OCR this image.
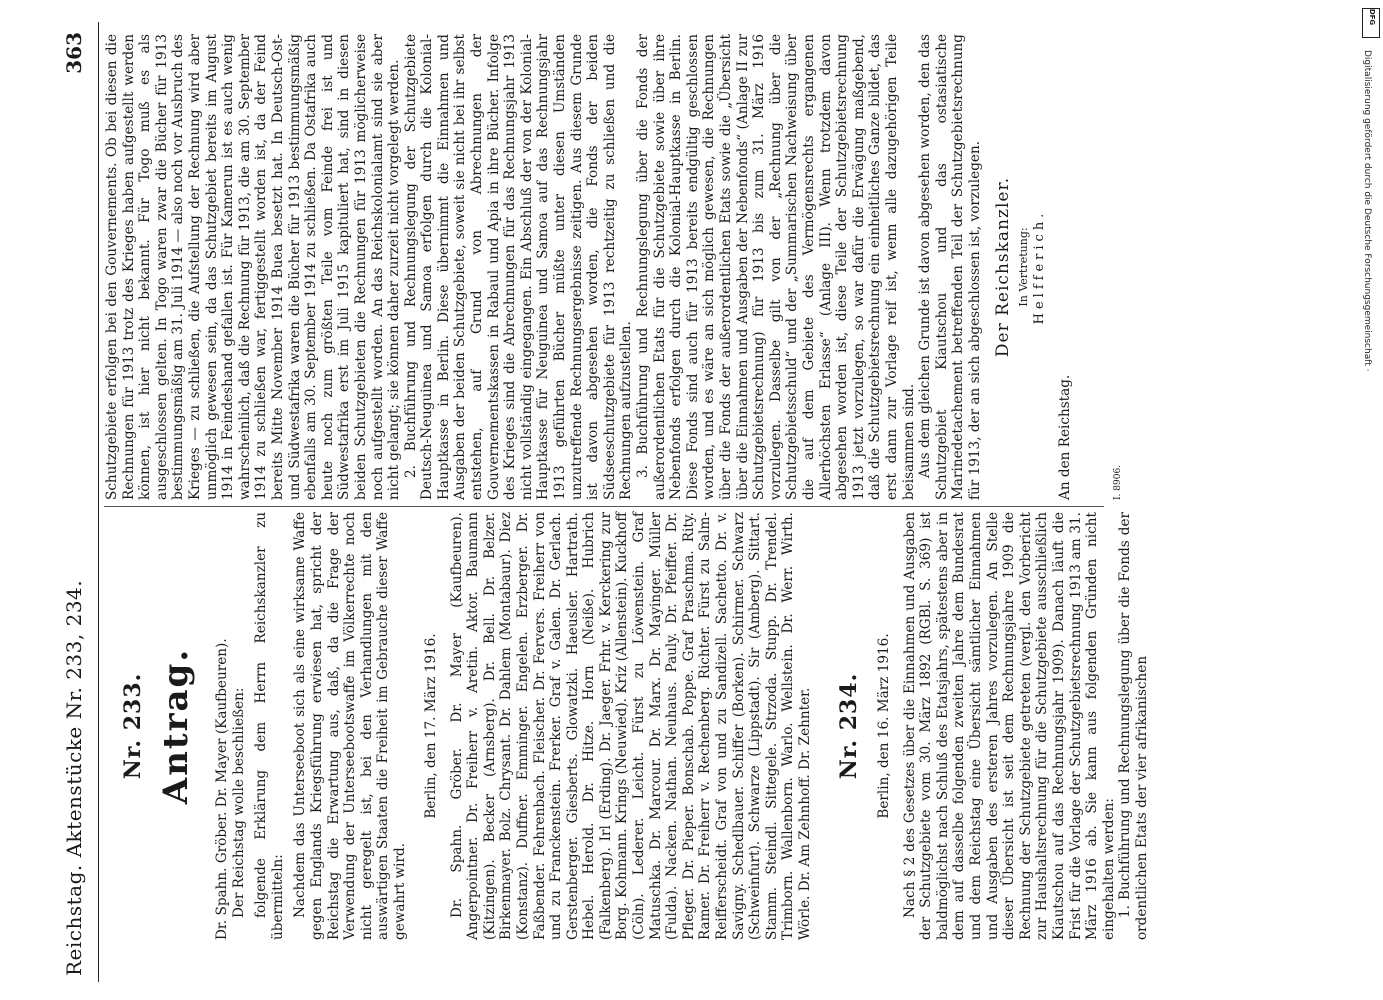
Reichstag. Aktenstücke Nr. 233, 234.
363
Nr. 233. Antrag. Dr. Spahn. Gröber. Dr. Mayer (Kaufbeuren). Der Reichstag wolle beschließen: folgende Erklärung dem Herrn Reichskanzler zu übermitteln: Nachdem das Unterseeboot sich als eine wirksame Waffe gegen Englands Kriegsführung erwiesen hat, spricht der Reichstag die Erwartung aus, daß, da die Frage der Verwendung der Unterseebootswaffe im Völkerrechte noch nicht geregelt ist, bei den Verhandlungen mit den auswärtigen Staaten die Freiheit im Gebrauche dieser Waffe gewahrt wird.

Berlin, den 17. März 1916. Dr. Spahn. Gröber. Dr. Mayer (Kaufbeuren). Angerpointner. Dr. Freiherr v. Aretin. Aktor. Baumann (Kitzingen). Becker (Arnsberg). Dr. Bell. Dr. Belzer. Birkenmayer. Bolz. Chrysant. Dr. Dahlem (Montabaur). Diez (Konstanz). Duffner. Emminger. Engelen. Erzberger. Dr. Faßbender. Fehrenbach. Fleischer. Dr. Fervers. Freiherr von und zu Franckenstein. Frerker. Graf v. Galen. Dr. Gerlach. Gerstenberger. Giesberts. Glowatzki. Haeusler. Hartrath. Hebel. Herold. Dr. Hitze. Horn (Neiße). Hubrich (Falkenberg). Irl (Erding). Dr. Jaeger. Frhr. v. Kerckering zur Borg. Kohmann. Krings (Neuwied). Kriz (Allenstein). Kuckhoff (Cöln). Lederer. Leicht. Fürst zu Löwenstein. Graf Matuschka. Dr. Marcour. Dr. Marx. Dr. Mayinger. Müller (Fulda). Nacken. Nathan. Neuhaus. Pauly. Dr. Pfeiffer. Dr. Pfleger. Dr. Pieper. Bonschab. Poppe. Graf Praschma. Rity. Ramer. Dr. Freiherr v. Rechenberg. Richter. Fürst zu Salm-Reifferscheidt. Graf von und zu Sandizell. Sachetto. Dr. v. Savigny. Schedlbauer. Schiffer (Borken). Schirmer. Schwarz (Schweinfurt). Schwarze (Lippstadt). Sir (Amberg). Sittart. Stamm. Steindl. Sittegele. Strzoda. Stupp. Dr. Trendel. Trimborn. Wallenborn. Warlo. Wellstein. Dr. Werr. Wirth. Wörle. Dr. Am Zehnhoff. Dr. Zehnter. Nr. 234. Berlin, den 16. März 1916. Nach § 2 des Gesetzes über die Einnahmen und Ausgaben der Schutzgebiete vom 30. März 1892 (RGBl. S. 369) ist baldmöglichst nach Schluß des Etatsjahrs, spätestens aber in dem auf dasselbe folgenden zweiten Jahre dem Bundesrat und dem Reichstag eine Übersicht sämtlicher Einnahmen und Ausgaben des ersteren Jahres vorzulegen. An Stelle dieser Übersicht ist seit dem Rechnungsjahre 1909 die Rechnung der Schutzgebiete getreten (vergl. den Vorbericht zur Haushaltsrechnung für die Schutzgebiete ausschließlich Kiautschou auf das Rechnungsjahr 1909). Danach läuft die Frist für die Vorlage der Schutzgebietsrechnung 1913 am 31. März 1916 ab. Sie kann aus folgenden Gründen nicht eingehalten werden: 1. Buchführung und Rechnungslegung über die Fonds der ordentlichen Etats der vier afrikanischen

Schutzgebiete erfolgen bei den Gouvernements. Ob bei diesen die Rechnungen für 1913 trotz des Krieges haben aufgestellt werden können, ist hier nicht bekannt. Für Togo muß es als ausgeschlossen gelten. In Togo waren zwar die Bücher für 1913 bestimmungsmäßig am 31. Juli 1914 — also noch vor Ausbruch des Krieges — zu schließen, die Aufstellung der Rechnung wird aber unmöglich gewesen sein, da das Schutzgebiet bereits im August 1914 in Feindeshand gefallen ist. Für Kamerun ist es auch wenig wahrscheinlich, daß die Rechnung für 1913, die am 30. September 1914 zu schließen war, fertiggestellt worden ist, da der Feind bereits Mitte November 1914 Buea besetzt hat. In Deutsch-Ost- und Südwestafrika waren die Bücher für 1913 bestimmungsmäßig ebenfalls am 30. September 1914 zu schließen. Da Ostafrika auch heute noch zum größten Teile vom Feinde frei ist und Südwestafrika erst im Juli 1915 kapituliert hat, sind in diesen beiden Schutzgebieten die Rechnungen für 1913 möglicherweise noch aufgestellt worden. An das Reichskolonialamt sind sie aber nicht gelangt; sie können daher zurzeit nicht vorgelegt werden. 2. Buchführung und Rechnungslegung der Schutzgebiete Deutsch-Neuguinea und Samoa erfolgen durch die Kolonial-Hauptkasse in Berlin. Diese übernimmt die Einnahmen und Ausgaben der beiden Schutzgebiete, soweit sie nicht bei ihr selbst entstehen, auf Grund von Abrechnungen der Gouvernementskassen in Rabaul und Apia in ihre Bücher. Infolge des Krieges sind die Abrechnungen für das Rechnungsjahr 1913 nicht vollständig eingegangen. Ein Abschluß der von der Kolonial-Hauptkasse für Neuguinea und Samoa auf das Rechnungsjahr 1913 geführten Bücher müßte unter diesen Umständen unzutreffende Rechnungsergebnisse zeitigen. Aus diesem Grunde ist davon abgesehen worden, die Fonds der beiden Südseeschutzgebiete für 1913 rechtzeitig zu schließen und die Rechnungen aufzustellen. 3. Buchführung und Rechnungslegung über die Fonds der außerordentlichen Etats für die Schutzgebiete sowie über ihre Nebenfonds erfolgen durch die Kolonial-Hauptkasse in Berlin. Diese Fonds sind auch für 1913 bereits endgültig geschlossen worden, und es wäre an sich möglich gewesen, die Rechnungen über die Fonds der außerordentlichen Etats sowie die „Übersicht über die Einnahmen und Ausgaben der Nebenfonds“ (Anlage II zur Schutzgebietsrechnung) für 1913 bis zum 31. März 1916 vorzulegen. Dasselbe gilt von der „Rechnung über die Schutzgebietsschuld“ und der „Summarischen Nachweisung über die auf dem Gebiete des Vermögensrechts ergangenen Allerhöchsten Erlasse“ (Anlage III). Wenn trotzdem davon abgesehen worden ist, diese Teile der Schutzgebietsrechnung 1913 jetzt vorzulegen, so war dafür die Erwägung maßgebend, daß die Schutzgebietsrechnung ein einheitliches Ganze bildet, das erst dann zur Vorlage reif ist, wenn alle dazugehörigen Teile beisammen sind. Aus dem gleichen Grunde ist davon abgesehen worden, den das Schutzgebiet Kiautschou und das ostasiatische Marinedetachement betreffenden Teil der Schutzgebietsrechnung für 1913, der an sich abgeschlossen ist, vorzulegen. Der Reichskanzler. In Vertretung: Helfferich.
An den Reichstag.	I. 8906.
Digitalisierung gefördert durch die Deutsche Forschungsgemeinschaft ·
DFG
